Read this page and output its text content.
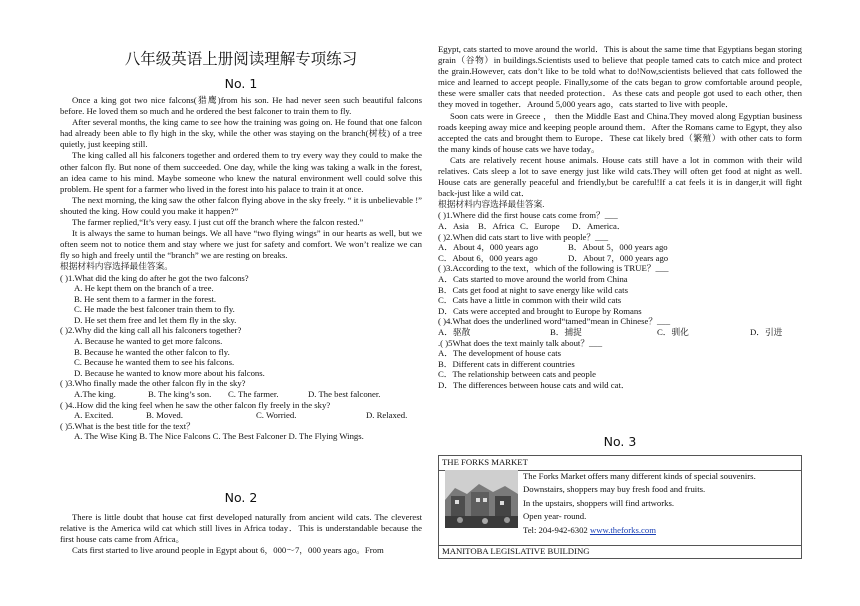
八年级英语上册阅读理解专项练习
No. 1

Once a king got two nice falcons(猎鹰)from his son. He had never seen such beautiful falcons before. He loved them so much and he ordered the best falconer to train them to fly.

After several months, the king came to see how the training was going on. He found that one falcon had already been able to fly high in the sky, while the other was staying on the branch(树枝) of a tree quietly, just keeping still.

The king called all his falconers together and ordered them to try every way they could to make the other falcon fly. But none of them succeeded. One day, while the king was taking a walk in the forest, an idea came to his mind. Maybe someone who knew the natural environment well could solve this problem. He spent for a farmer who lived in the forest into his palace to train it at once.

The next morning, the king saw the other falcon flying above in the sky freely. “ it is unbelievable !” shouted the king. How could you make it happen?”

The farmer replied,“It’s very easy. I just cut off the branch where the falcon rested.”

It is always the same to human beings. We all have “two flying wings” in our hearts as well, but we often seem not to notice them and stay where we just for safety and comfort. We won’t realize we can fly so high and freely until the “branch” we are resting on breaks.

根据材料内容选择最佳答案。

( )1.What did the king do after he got the two falcons?

A. He kept them on the branch of a tree.

B. He sent them to a farmer in the forest.

C. He made the best falconer train them to fly.

D. He set them free and let them fly in the sky.

( )2.Why did the king call all his falconers together?

A. Because he wanted to get more falcons.

B. Because he wanted the other falcon to fly.

C. Because he wanted them to see his falcons.

D. Because he wanted to know more about his falcons.

( )3.Who finally made the other falcon fly in the sky?

A.The king.	B. The king’s son.	C. The farmer.	D. The best falconer.

( )4..How did the king feel when he saw the other falcon fly freely in the sky?

A. Excited.	B. Moved.	C. Worried.	D. Relaxed.

( )5.What is the best title for the text？

A. The Wise King B. The Nice Falcons C. The Best Falconer D. The Flying Wings.

No. 2

There is little doubt that house cat first developed naturally from ancient wild cats. The cleverest relative is the America wild cat which still lives in Africa today．This is understandable because the first house cats came from Africa。

Cats first started to live around people in Egypt about 6，000～7，000 years ago。From

Egypt, cats started to move around the world．This is about the same time that Egyptians began storing grain（谷物）in buildings.Scientists used to believe that people tamed cats to catch mice and protect the grain.However, cats don’t like to be told what to do!Now,scientists believed that cats followed the mice and learned to accept people. Finally,some of the cats began to grow comfortable around people, these were smaller cats that needed protection．As these cats and people got used to each other, then they moved in together．Around 5,000 years ago，cats started to live with people．

Soon cats were in Greece ， then the Middle East and China.They moved along Egyptian business roads keeping away mice and keeping people around them．After the Romans came to Egypt, they also accepted the cats and brought them to Europe．These cat likely bred（繁殖）with other cats to form the many kinds of house cats we have today。

Cats are relatively recent house animals. House cats still have a lot in common with their wild relatives. Cats sleep a lot to save energy just like wild cats.They will often get food at night as well. House cats are generally peaceful and friendly,but be careful!If a cat feels it is in danger,it will fight back-just like a wild cat．

根据材料内容选择最佳答案.

( )1.Where did the first house cats come from？___

A．Asia	B．Africa C．Europe	D．America．

( )2.When did cats start to live with people？___

A．About 4，000 years ago	B．About 5，000 years ago
C．About 6，000 years ago	D．About 7，000 years ago

( )3.According to the text，which of the following is TRUE？___

A．Cats started to move around the world from China

B．Cats get food at night to save energy like wild cats

C．Cats have a little in common with their wild cats

D．Cats were accepted and brought to Europe by Romans

( )4.What does the underlined word“tamed”mean in Chinese？___

A．驱散	B．捕捉	C．驯化	D．引进

.( )5What does the text mainly talk about？___

A．The development of house cats

B．Different cats in different countries

C．The relationship between cats and people

D．The differences between house cats and wild cat．

No. 3
THE FORKS MARKET

The Forks Market offers many different kinds of special souvenirs.

Downstairs, shoppers may buy fresh food and fruits.

In the upstairs, shoppers will find artworks.

Open year- round.

Tel: 204-942-6302 www.theforks.com

MANITOBA LEGISLATIVE BUILDING
